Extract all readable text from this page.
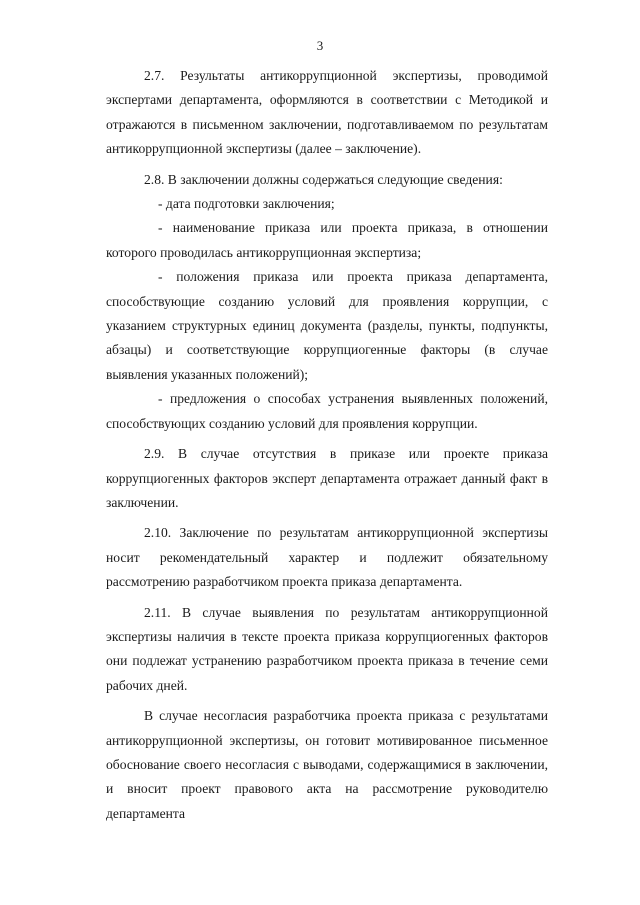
3

2.7. Результаты антикоррупционной экспертизы, проводимой экспертами департамента, оформляются в соответствии с Методикой и отражаются в письменном заключении, подготавливаемом по результатам антикоррупционной экспертизы (далее – заключение).

2.8. В заключении должны содержаться следующие сведения:

- дата подготовки заключения;

- наименование приказа или проекта приказа, в отношении которого проводилась антикоррупционная экспертиза;

- положения приказа или проекта приказа департамента, способствующие созданию условий для проявления коррупции, с указанием структурных единиц документа (разделы, пункты, подпункты, абзацы) и соответствующие коррупциогенные факторы (в случае выявления указанных положений);

- предложения о способах устранения выявленных положений, способствующих созданию условий для проявления коррупции.

2.9. В случае отсутствия в приказе или проекте приказа коррупциогенных факторов эксперт департамента отражает данный факт в заключении.

2.10. Заключение по результатам антикоррупционной экспертизы носит рекомендательный характер и подлежит обязательному рассмотрению разработчиком проекта приказа департамента.

2.11. В случае выявления по результатам антикоррупционной экспертизы наличия в тексте проекта приказа коррупциогенных факторов они подлежат устранению разработчиком проекта приказа в течение семи рабочих дней.

В случае несогласия разработчика проекта приказа с результатами антикоррупционной экспертизы, он готовит мотивированное письменное обоснование своего несогласия с выводами, содержащимися в заключении, и вносит проект правового акта на рассмотрение руководителю департамента
